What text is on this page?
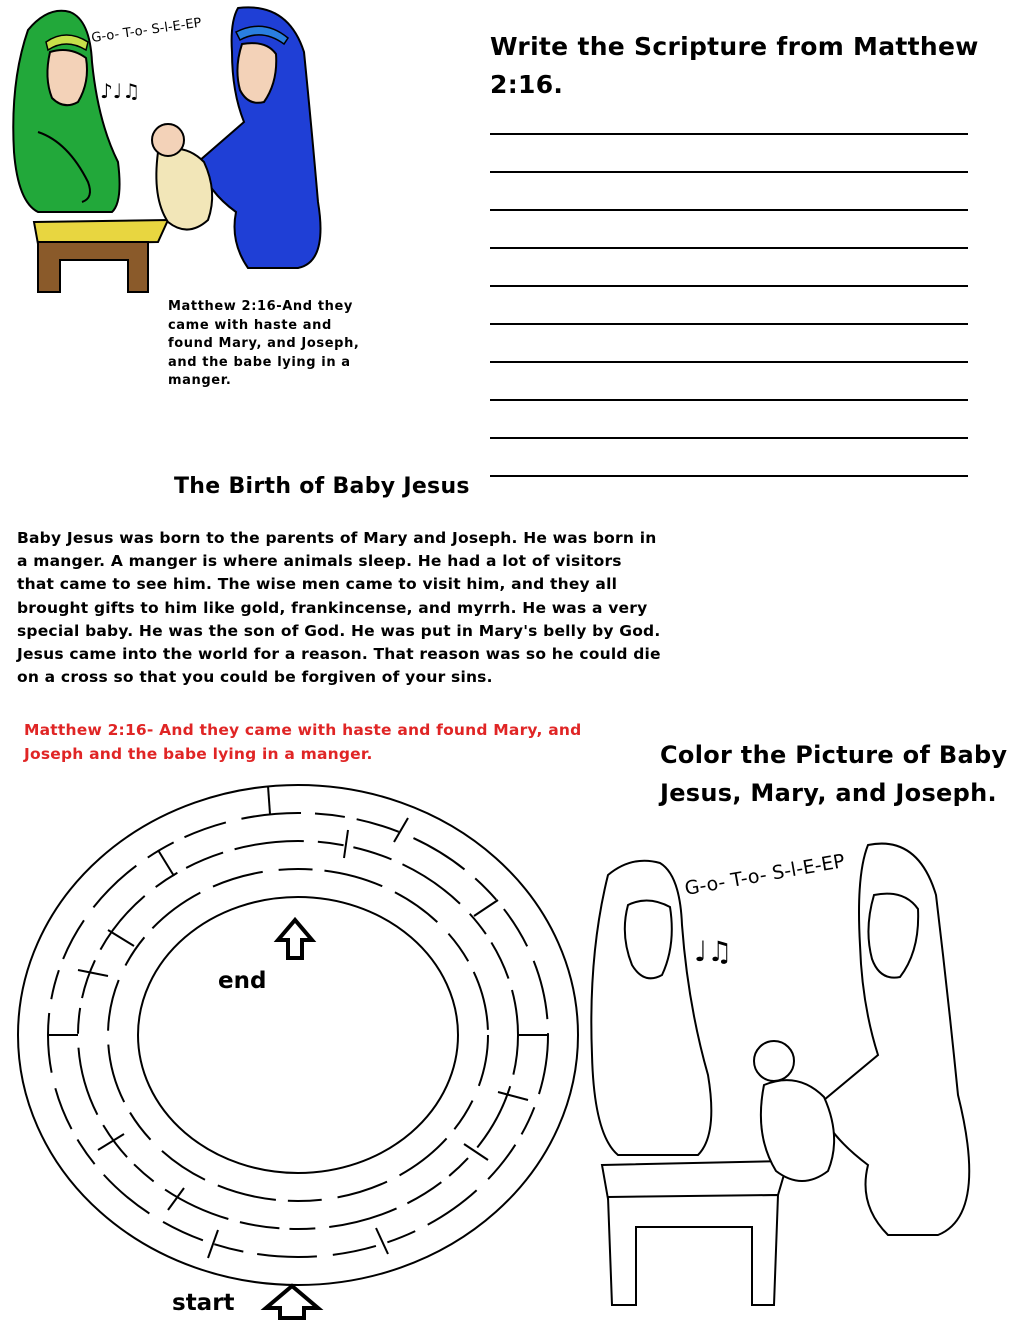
G-o- T-o- S-l-E-EP
♪♩♫
Matthew 2:16-And they came with haste and found Mary, and Joseph, and the babe lying in a manger.
Write the Scripture from Matthew 2:16.
The Birth of Baby Jesus
Baby Jesus was born to the parents of Mary and Joseph. He was born in a manger. A manger is where animals sleep. He had a lot of visitors that came to see him. The wise men came to visit him, and they all brought gifts to him like gold, frankincense, and myrrh. He was a very special baby. He was the son of God. He was put in Mary's belly by God. Jesus came into the world for a reason. That reason was so he could die on a cross so that you could be forgiven of your sins.
Matthew 2:16- And they came with haste and found Mary, and Joseph and the babe lying in a manger.	Color the Picture of Baby Jesus, Mary, and Joseph.
end
start
G-o- T-o- S-l-E-EP
♩♫
